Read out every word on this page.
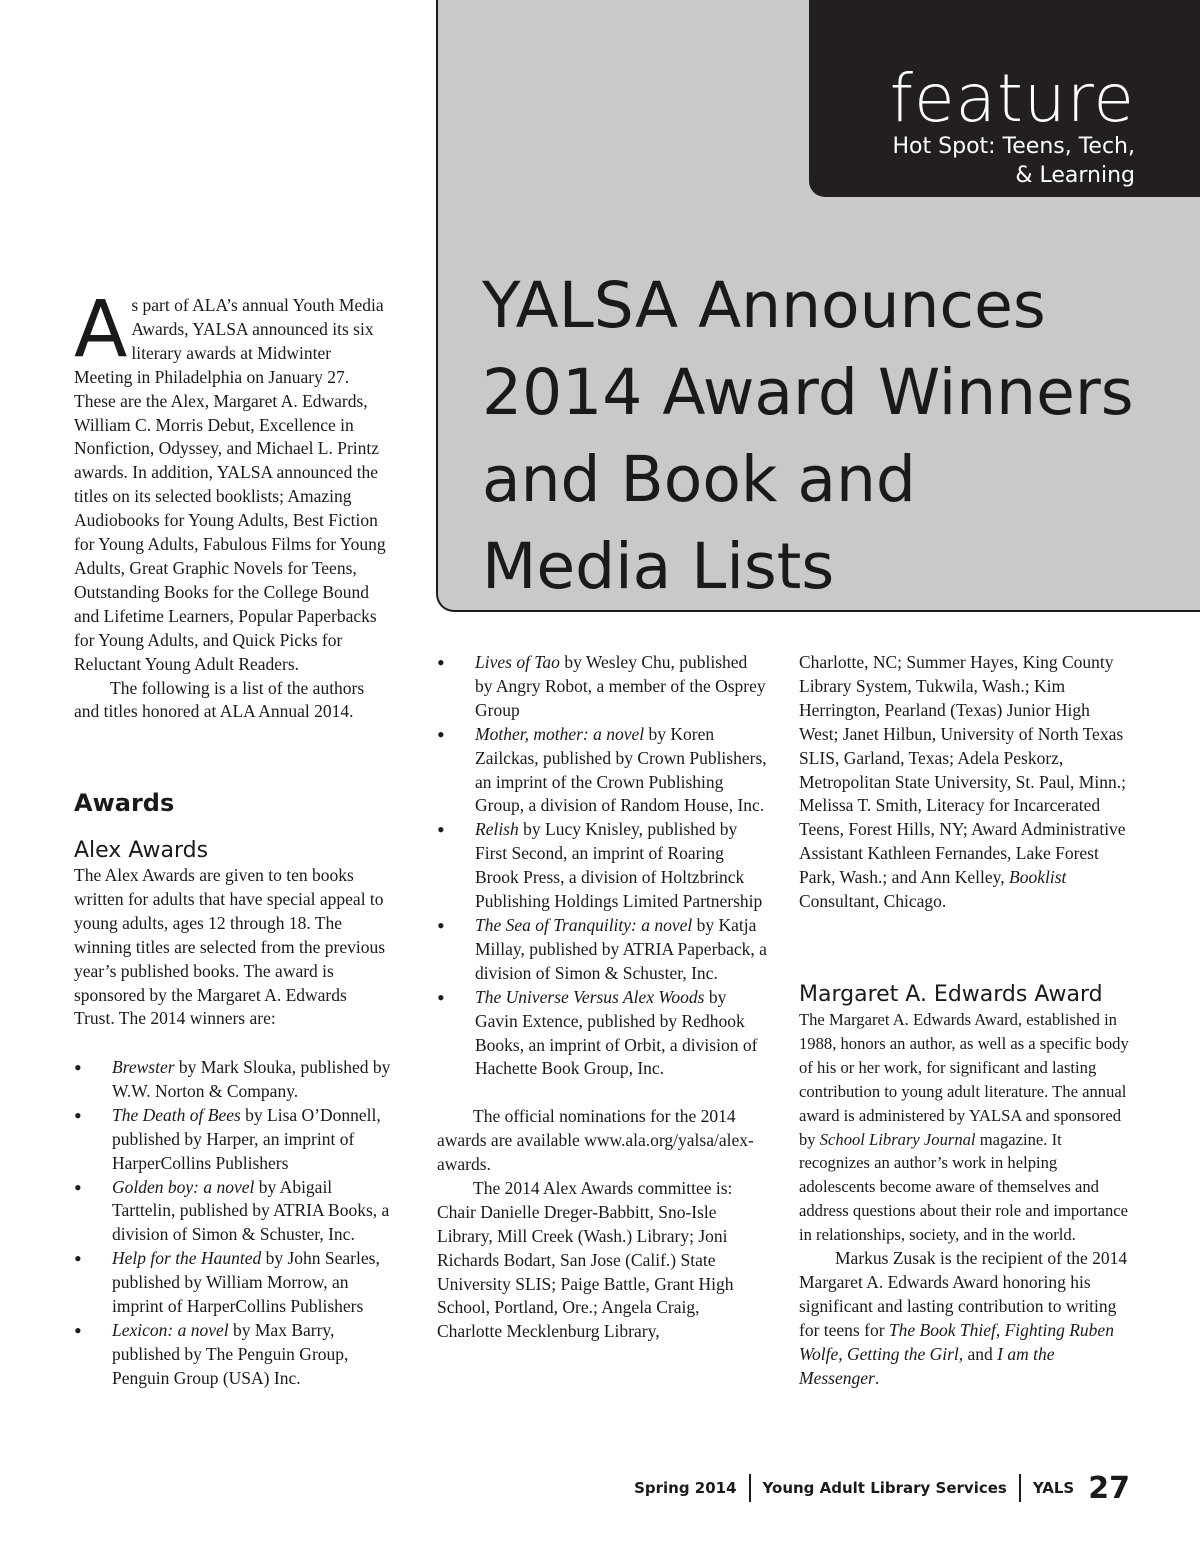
feature
Hot Spot: Teens, Tech,
& Learning
YALSA Announces
2014 Award Winners
and Book and
Media Lists

As part of ALA’s annual Youth Media Awards, YALSA announced its six literary awards at Midwinter Meeting in Philadelphia on January 27. These are the Alex, Margaret A. Edwards, William C. Morris Debut, Excellence in Nonfiction, Odyssey, and Michael L. Printz awards. In addition, YALSA announced the titles on its selected booklists; Amazing Audiobooks for Young Adults, Best Fiction for Young Adults, Fabulous Films for Young Adults, Great Graphic Novels for Teens, Outstanding Books for the College Bound and Lifetime Learners, Popular Paperbacks for Young Adults, and Quick Picks for Reluctant Young Adult Readers.

The following is a list of the authors and titles honored at ALA Annual 2014.

Awards
Alex Awards

The Alex Awards are given to ten books written for adults that have special appeal to young adults, ages 12 through 18. The winning titles are selected from the previous year’s published books. The award is sponsored by the Margaret A. Edwards Trust. The 2014 winners are:

• Brewster by Mark Slouka, published by W.W. Norton & Company.
• The Death of Bees by Lisa O’Donnell, published by Harper, an imprint of HarperCollins Publishers
• Golden boy: a novel by Abigail Tarttelin, published by ATRIA Books, a division of Simon & Schuster, Inc.
• Help for the Haunted by John Searles, published by William Morrow, an imprint of HarperCollins Publishers
• Lexicon: a novel by Max Barry, published by The Penguin Group, Penguin Group (USA) Inc.
• Lives of Tao by Wesley Chu, published by Angry Robot, a member of the Osprey Group
• Mother, mother: a novel by Koren Zailckas, published by Crown Publishers, an imprint of the Crown Publishing Group, a division of Random House, Inc.
• Relish by Lucy Knisley, published by First Second, an imprint of Roaring Brook Press, a division of Holtzbrinck Publishing Holdings Limited Partnership
• The Sea of Tranquility: a novel by Katja Millay, published by ATRIA Paperback, a division of Simon & Schuster, Inc.
• The Universe Versus Alex Woods by Gavin Extence, published by Redhook Books, an imprint of Orbit, a division of Hachette Book Group, Inc.

The official nominations for the 2014 awards are available www.ala.org/yalsa/alex-awards.

The 2014 Alex Awards committee is: Chair Danielle Dreger-Babbitt, Sno-Isle Library, Mill Creek (Wash.) Library; Joni Richards Bodart, San Jose (Calif.) State University SLIS; Paige Battle, Grant High School, Portland, Ore.; Angela Craig, Charlotte Mecklenburg Library,

Charlotte, NC; Summer Hayes, King County Library System, Tukwila, Wash.; Kim Herrington, Pearland (Texas) Junior High West; Janet Hilbun, University of North Texas SLIS, Garland, Texas; Adela Peskorz, Metropolitan State University, St. Paul, Minn.; Melissa T. Smith, Literacy for Incarcerated Teens, Forest Hills, NY; Award Administrative Assistant Kathleen Fernandes, Lake Forest Park, Wash.; and Ann Kelley, Booklist Consultant, Chicago.

Margaret A. Edwards Award

The Margaret A. Edwards Award, established in 1988, honors an author, as well as a specific body of his or her work, for significant and lasting contribution to young adult literature. The annual award is administered by YALSA and sponsored by School Library Journal magazine. It recognizes an author’s work in helping adolescents become aware of themselves and address questions about their role and importance in relationships, society, and in the world.

Markus Zusak is the recipient of the 2014 Margaret A. Edwards Award honoring his significant and lasting contribution to writing for teens for The Book Thief, Fighting Ruben Wolfe, Getting the Girl, and I am the Messenger.

Spring 2014 Young Adult Library Services YALS 27
